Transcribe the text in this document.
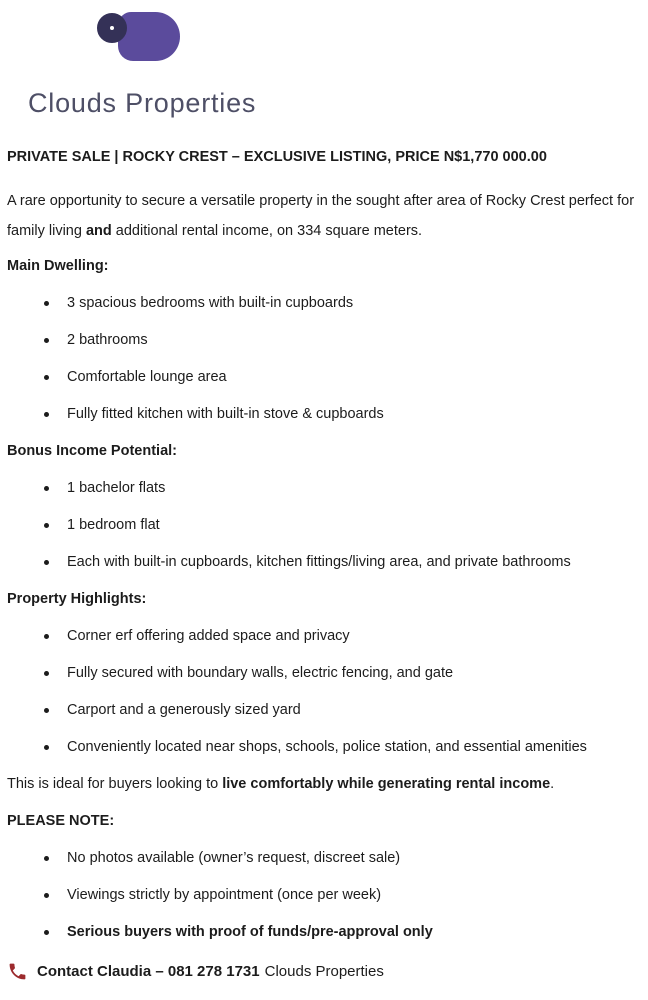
Clouds Properties
PRIVATE SALE | ROCKY CREST – EXCLUSIVE LISTING, PRICE N$1,770 000.00

A rare opportunity to secure a versatile property in the sought after area of Rocky Crest perfect for family living and additional rental income, on 334 square meters.

Main Dwelling:
3 spacious bedrooms with built-in cupboards
2 bathrooms
Comfortable lounge area
Fully fitted kitchen with built-in stove & cupboards
Bonus Income Potential:
1 bachelor flats
1 bedroom flat
Each with built-in cupboards, kitchen fittings/living area, and private bathrooms
Property Highlights:
Corner erf offering added space and privacy
Fully secured with boundary walls, electric fencing, and gate
Carport and a generously sized yard
Conveniently located near shops, schools, police station, and essential amenities

This is ideal for buyers looking to live comfortably while generating rental income.

PLEASE NOTE:
No photos available (owner’s request, discreet sale)
Viewings strictly by appointment (once per week)
Serious buyers with proof of funds/pre-approval only
Contact Claudia – 081 278 1731 Clouds Properties
